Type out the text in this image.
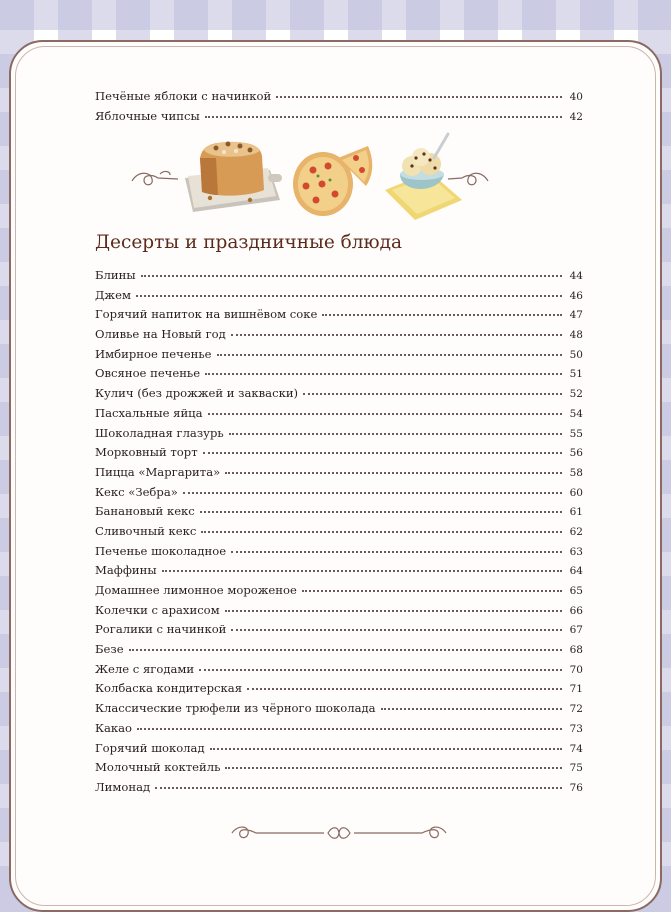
Печёные яблоки с начинкой	40
Яблочные чипсы	42
Десерты и праздничные блюда
Блины	44
Джем	46
Горячий напиток на вишнёвом соке	47
Оливье на Новый год	48
Имбирное печенье	50
Овсяное печенье	51
Кулич (без дрожжей и закваски)	52
Пасхальные яйца	54
Шоколадная глазурь	55
Морковный торт	56
Пицца «Маргарита»	58
Кекс «Зебра»	60
Банановый кекс	61
Сливочный кекс	62
Печенье шоколадное	63
Маффины	64
Домашнее лимонное мороженое	65
Колечки с арахисом	66
Рогалики с начинкой	67
Безе	68
Желе с ягодами	70
Колбаска кондитерская	71
Классические трюфели из чёрного шоколада	72
Какао	73
Горячий шоколад	74
Молочный коктейль	75
Лимонад	76
